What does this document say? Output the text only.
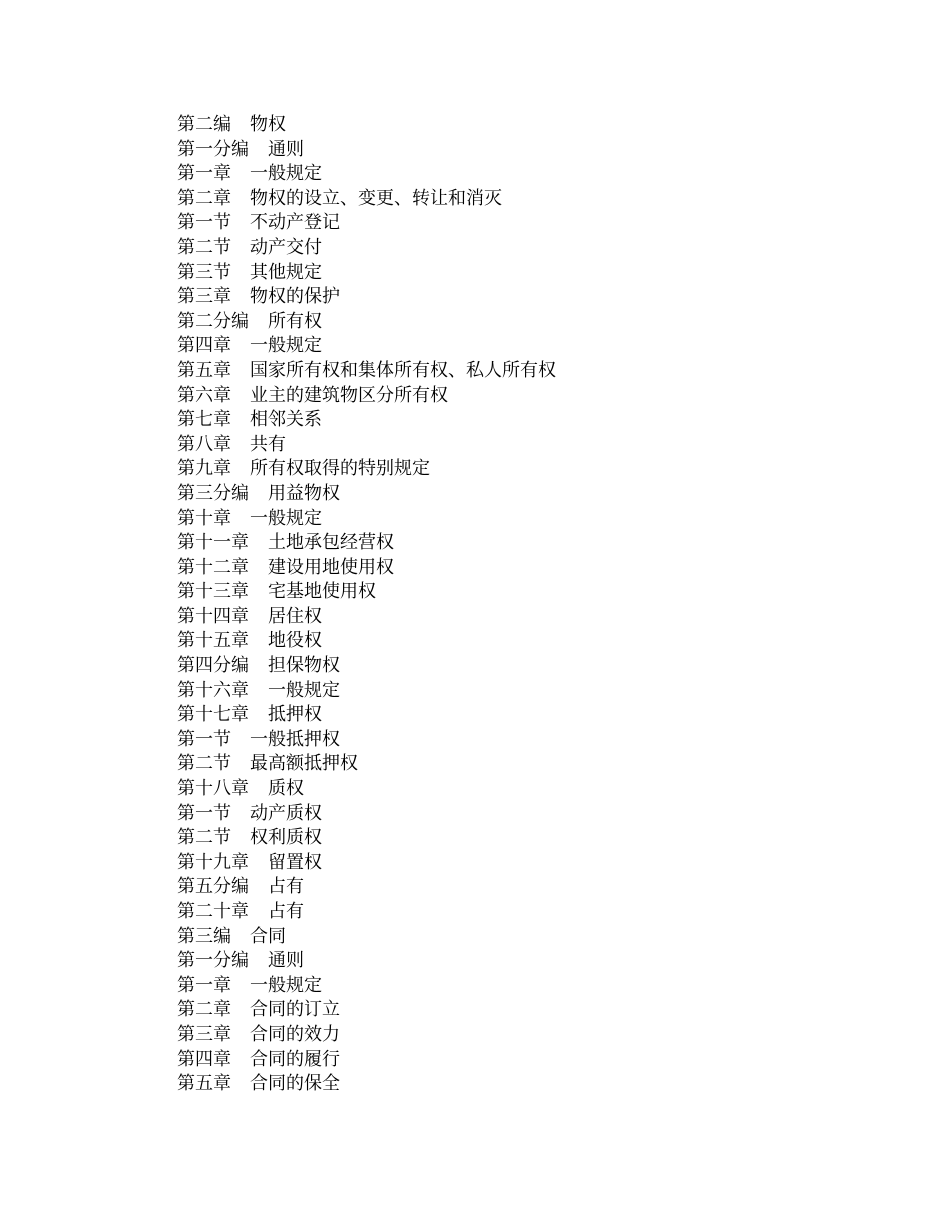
第二编 物权
第一分编 通则
第一章 一般规定
第二章 物权的设立、变更、转让和消灭
第一节 不动产登记
第二节 动产交付
第三节 其他规定
第三章 物权的保护
第二分编 所有权
第四章 一般规定
第五章 国家所有权和集体所有权、私人所有权
第六章 业主的建筑物区分所有权
第七章 相邻关系
第八章 共有
第九章 所有权取得的特别规定
第三分编 用益物权
第十章 一般规定
第十一章 土地承包经营权
第十二章 建设用地使用权
第十三章 宅基地使用权
第十四章 居住权
第十五章 地役权
第四分编 担保物权
第十六章 一般规定
第十七章 抵押权
第一节 一般抵押权
第二节 最高额抵押权
第十八章 质权
第一节 动产质权
第二节 权利质权
第十九章 留置权
第五分编 占有
第二十章 占有
第三编 合同
第一分编 通则
第一章 一般规定
第二章 合同的订立
第三章 合同的效力
第四章 合同的履行
第五章 合同的保全
